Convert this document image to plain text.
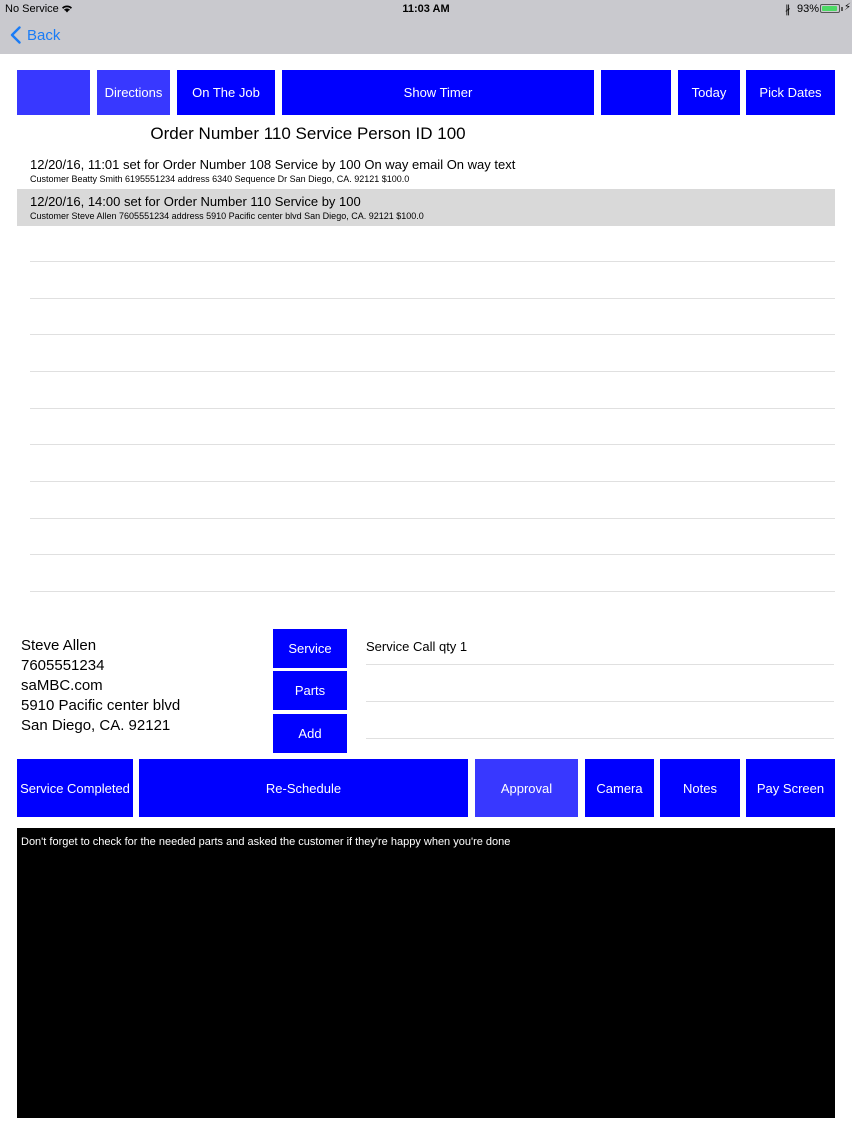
No Service	11:03 AM	∦ 93%	⚡
Back
Directions	On The Job	Show Timer	Today	Pick Dates
Order Number 110 Service Person ID 100
12/20/16, 11:01 set for Order Number 108 Service by 100 On way email On way text
Customer Beatty Smith 6195551234 address 6340 Sequence Dr San Diego, CA. 92121 $100.0
12/20/16, 14:00 set for Order Number 110 Service by 100
Customer Steve Allen 7605551234 address 5910 Pacific center blvd San Diego, CA. 92121 $100.0
Steve Allen
7605551234
saMBC.com
5910 Pacific center blvd
San Diego, CA. 92121
Service
Parts
Add
Service Call qty 1
Service Completed	Re-Schedule	Approval	Camera	Notes	Pay Screen
Don't forget to check for the needed parts and asked the customer if they're happy when you're done
